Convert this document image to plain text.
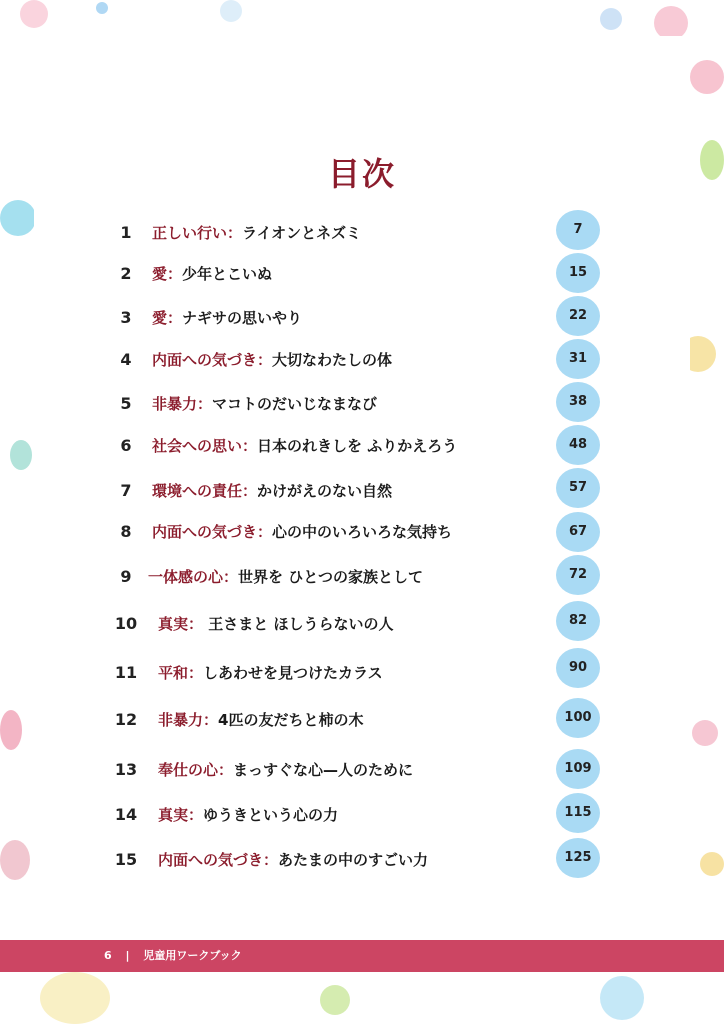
目次
1	正しい行い：ライオンとネズミ	7
2	愛：少年とこいぬ	15
3	愛：ナギサの思いやり	22
4	内面への気づき：大切なわたしの体	31
5	非暴力：マコトのだいじなまなび	38
6	社会への思い：日本のれきしを ふりかえろう	48
7	環境への責任：かけがえのない自然	57
8	内面への気づき：心の中のいろいろな気持ち	67
9	一体感の心：世界を ひとつの家族として	72
10	真実： 王さまと ほしうらないの人	82
11	平和：しあわせを見つけたカラス	90
12	非暴力：4匹の友だちと柿の木	100
13	奉仕の心：まっすぐな心—人のために	109
14	真実：ゆうきという心の力	115
15	内面への気づき：あたまの中のすごい力	125
6 | 児童用ワークブック
